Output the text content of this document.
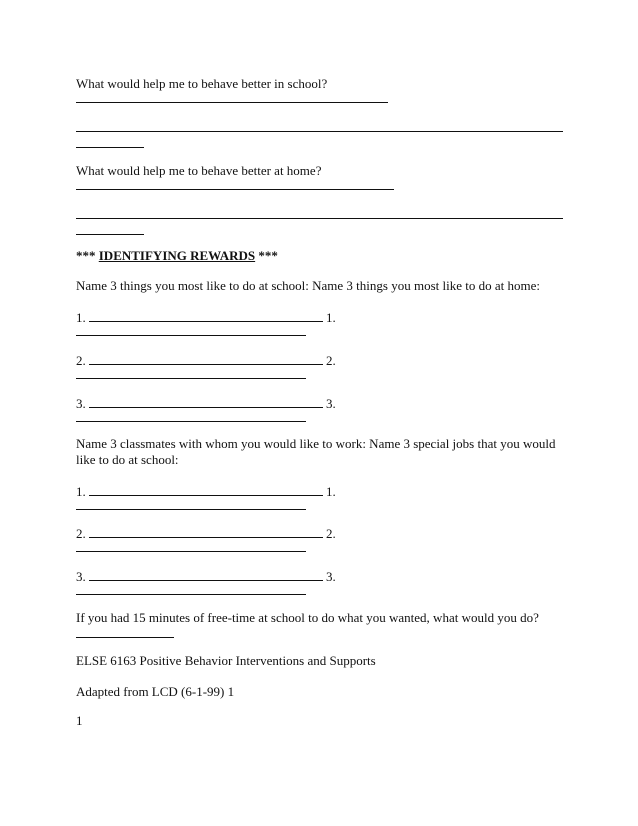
What would help me to behave better in school?
What would help me to behave better at home?
*** IDENTIFYING REWARDS ***
Name 3 things you most like to do at school: Name 3 things you most like to do at home:
1.	1.
2.	2.
3.	3.
Name 3 classmates with whom you would like to work: Name 3 special jobs that you would like to do at school:
1.	1.
2.	2.
3.	3.
If you had 15 minutes of free-time at school to do what you wanted, what would you do?
ELSE 6163 Positive Behavior Interventions and Supports
Adapted from LCD (6-1-99) 1
1
